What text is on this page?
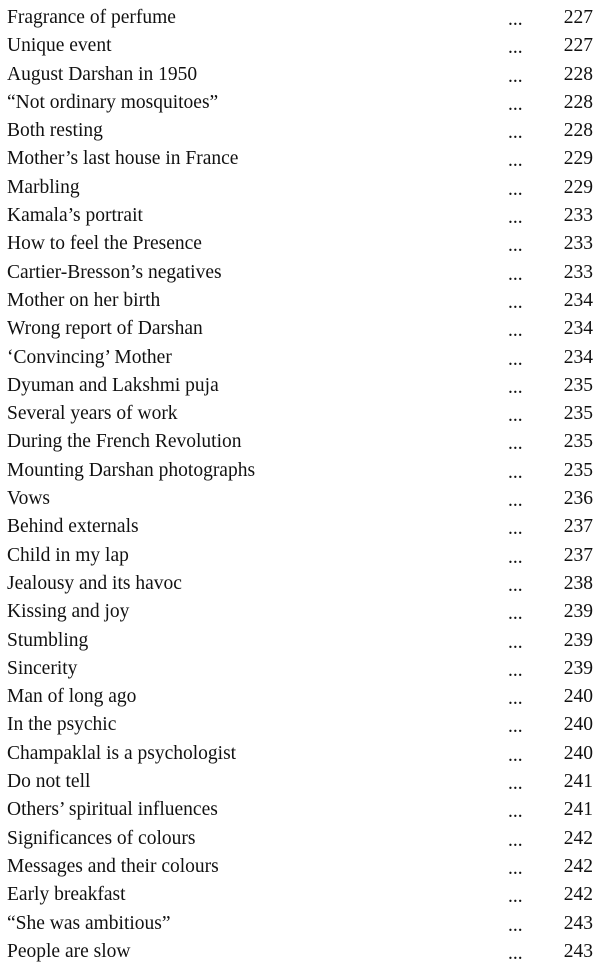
Fragrance of perfume	... 227
Unique event	... 227
August Darshan in 1950	... 228
“Not ordinary mosquitoes”	... 228
Both resting	... 228
Mother’s last house in France	... 229
Marbling	... 229
Kamala’s portrait	... 233
How to feel the Presence	... 233
Cartier-Bresson’s negatives	... 233
Mother on her birth	... 234
Wrong report of Darshan	... 234
‘Convincing’ Mother	... 234
Dyuman and Lakshmi puja	... 235
Several years of work	... 235
During the French Revolution	... 235
Mounting Darshan photographs	... 235
Vows	... 236
Behind externals	... 237
Child in my lap	... 237
Jealousy and its havoc	... 238
Kissing and joy	... 239
Stumbling	... 239
Sincerity	... 239
Man of long ago	... 240
In the psychic	... 240
Champaklal is a psychologist	... 240
Do not tell	... 241
Others’ spiritual influences	... 241
Significances of colours	... 242
Messages and their colours	... 242
Early breakfast	... 242
“She was ambitious”	... 243
People are slow	... 243
